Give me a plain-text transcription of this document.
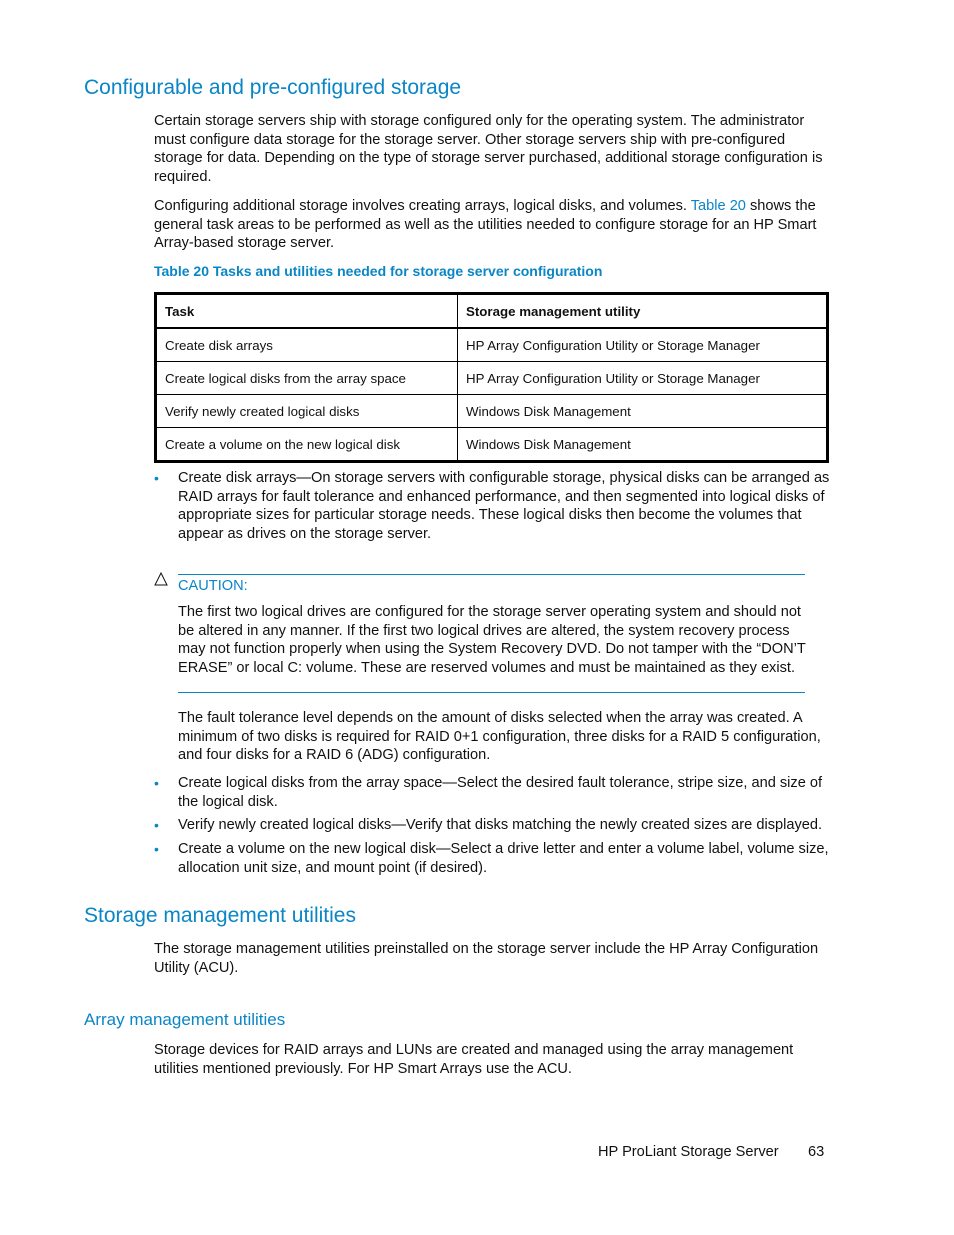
Configurable and pre-configured storage

Certain storage servers ship with storage configured only for the operating system. The administrator must configure data storage for the storage server. Other storage servers ship with pre-configured storage for data. Depending on the type of storage server purchased, additional storage configuration is required.

Configuring additional storage involves creating arrays, logical disks, and volumes. Table 20 shows the general task areas to be performed as well as the utilities needed to configure storage for an HP Smart Array-based storage server.

Table 20 Tasks and utilities needed for storage server configuration
Task	Storage management utility
Create disk arrays	HP Array Configuration Utility or Storage Manager
Create logical disks from the array space	HP Array Configuration Utility or Storage Manager
Verify newly created logical disks	Windows Disk Management
Create a volume on the new logical disk	Windows Disk Management
• Create disk arrays—On storage servers with configurable storage, physical disks can be arranged as RAID arrays for fault tolerance and enhanced performance, and then segmented into logical disks of appropriate sizes for particular storage needs. These logical disks then become the volumes that appear as drives on the storage server.

CAUTION:

The first two logical drives are configured for the storage server operating system and should not be altered in any manner. If the first two logical drives are altered, the system recovery process may not function properly when using the System Recovery DVD. Do not tamper with the “DON’T ERASE” or local C: volume. These are reserved volumes and must be maintained as they exist.

The fault tolerance level depends on the amount of disks selected when the array was created. A minimum of two disks is required for RAID 0+1 configuration, three disks for a RAID 5 configuration, and four disks for a RAID 6 (ADG) configuration.

• Create logical disks from the array space—Select the desired fault tolerance, stripe size, and size of the logical disk.

• Verify newly created logical disks—Verify that disks matching the newly created sizes are displayed.

• Create a volume on the new logical disk—Select a drive letter and enter a volume label, volume size, allocation unit size, and mount point (if desired).

Storage management utilities

The storage management utilities preinstalled on the storage server include the HP Array Configuration Utility (ACU).

Array management utilities

Storage devices for RAID arrays and LUNs are created and managed using the array management utilities mentioned previously. For HP Smart Arrays use the ACU.

HP ProLiant Storage Server 63
